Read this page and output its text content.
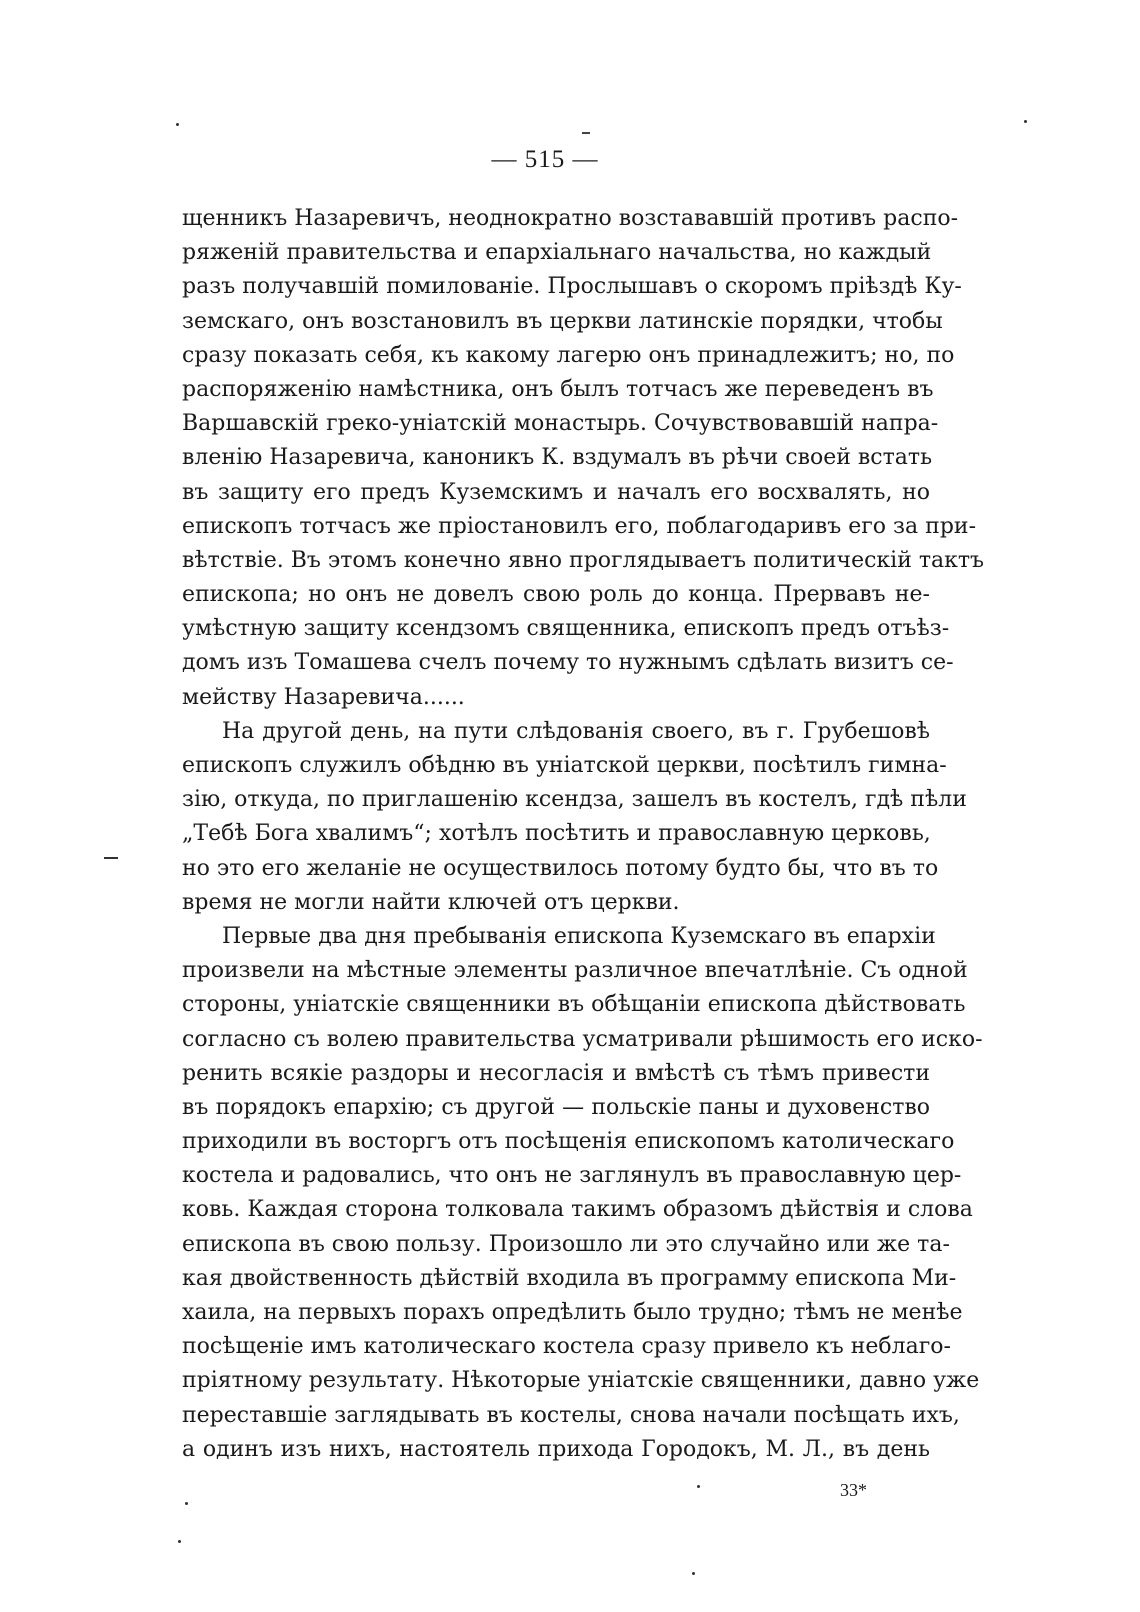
— 515 —
щенникъ Назаревичъ, неоднократно возстававшій противъ распо-
ряженій правительства и епархіальнаго начальства, но каждый
разъ получавшій помилованіе. Прослышавъ о скоромъ пріѣздѣ Ку-
земскаго, онъ возстановилъ въ церкви латинскіе порядки, чтобы
сразу показать себя, къ какому лагерю онъ принадлежитъ; но, по
распоряженію намѣстника, онъ былъ тотчасъ же переведенъ въ
Варшавскій греко-уніатскій монастырь. Сочувствовавшій напра-
вленію Назаревича, каноникъ К. вздумалъ въ рѣчи своей встать
въ защиту его предъ Куземскимъ и началъ его восхвалять, но
епископъ тотчасъ же пріостановилъ его, поблагодаривъ его за при-
вѣтствіе. Въ этомъ конечно явно проглядываетъ политическій тактъ
епископа; но онъ не довелъ свою роль до конца. Прервавъ не-
умѣстную защиту ксендзомъ священника, епископъ предъ отъѣз-
домъ изъ Томашева счелъ почему то нужнымъ сдѣлать визитъ се-
мейству Назаревича......
На другой день, на пути слѣдованія своего, въ г. Грубешовѣ
епископъ служилъ обѣдню въ уніатской церкви, посѣтилъ гимна-
зію, откуда, по приглашенію ксендза, зашелъ въ костелъ, гдѣ пѣли
„Тебѣ Бога хвалимъ“; хотѣлъ посѣтить и православную церковь,
но это его желаніе не осуществилось потому будто бы, что въ то
время не могли найти ключей отъ церкви.
Первые два дня пребыванія епископа Куземскаго въ епархіи
произвели на мѣстные элементы различное впечатлѣніе. Съ одной
стороны, уніатскіе священники въ обѣщаніи епископа дѣйствовать
согласно съ волею правительства усматривали рѣшимость его иско-
ренить всякіе раздоры и несогласія и вмѣстѣ съ тѣмъ привести
въ порядокъ епархію; съ другой — польскіе паны и духовенство
приходили въ восторгъ отъ посѣщенія епископомъ католическаго
костела и радовались, что онъ не заглянулъ въ православную цер-
ковь. Каждая сторона толковала такимъ образомъ дѣйствія и слова
епископа въ свою пользу. Произошло ли это случайно или же та-
кая двойственность дѣйствій входила въ программу епископа Ми-
хаила, на первыхъ порахъ опредѣлить было трудно; тѣмъ не менѣе
посѣщеніе имъ католическаго костела сразу привело къ неблаго-
пріятному результату. Нѣкоторые уніатскіе священники, давно уже
переставшіе заглядывать въ костелы, снова начали посѣщать ихъ,
а одинъ изъ нихъ, настоятель прихода Городокъ, М. Л., въ день
33*
